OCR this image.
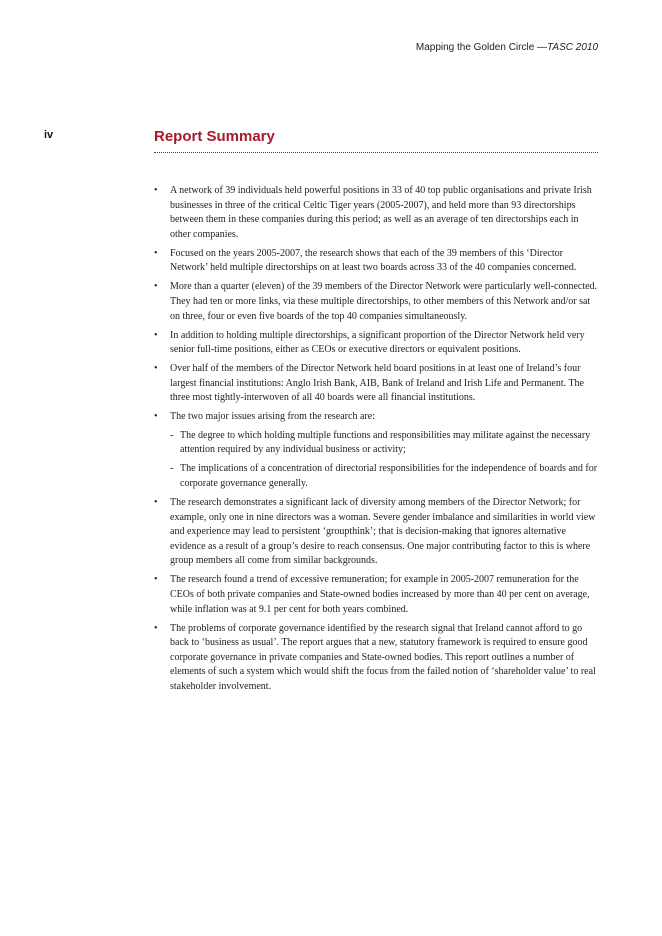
Mapping the Golden Circle —TASC 2010
iv	Report Summary
•	A network of 39 individuals held powerful positions in 33 of 40 top public organisations and private Irish businesses in three of the critical Celtic Tiger years (2005-2007), and held more than 93 directorships between them in these companies during this period; as well as an average of ten directorships each in other companies.
•	Focused on the years 2005-2007, the research shows that each of the 39 members of this ‘Director Network’ held multiple directorships on at least two boards across 33 of the 40 companies concerned.
•	More than a quarter (eleven) of the 39 members of the Director Network were particularly well-connected. They had ten or more links, via these multiple directorships, to other members of this Network and/or sat on three, four or even five boards of the top 40 companies simultaneously.
•	In addition to holding multiple directorships, a significant proportion of the Director Network held very senior full-time positions, either as CEOs or executive directors or equivalent positions.
•	Over half of the members of the Director Network held board positions in at least one of Ireland’s four largest financial institutions: Anglo Irish Bank, AIB, Bank of Ireland and Irish Life and Permanent. The three most tightly-interwoven of all 40 boards were all financial institutions.
•	The two major issues arising from the research are:
- The degree to which holding multiple functions and responsibilities may militate against the necessary attention required by any individual business or activity;
- The implications of a concentration of directorial responsibilities for the independence of boards and for corporate governance generally.
•	The research demonstrates a significant lack of diversity among members of the Director Network; for example, only one in nine directors was a woman. Severe gender imbalance and similarities in world view and experience may lead to persistent ‘groupthink’; that is decision-making that ignores alternative evidence as a result of a group’s desire to reach consensus. One major contributing factor to this is where group members all come from similar backgrounds.
•	The research found a trend of excessive remuneration; for example in 2005-2007 remuneration for the CEOs of both private companies and State-owned bodies increased by more than 40 per cent on average, while inflation was at 9.1 per cent for both years combined.
•	The problems of corporate governance identified by the research signal that Ireland cannot afford to go back to ‘business as usual’. The report argues that a new, statutory framework is required to ensure good corporate governance in private companies and State-owned bodies. This report outlines a number of elements of such a system which would shift the focus from the failed notion of ‘shareholder value’ to real stakeholder involvement.
